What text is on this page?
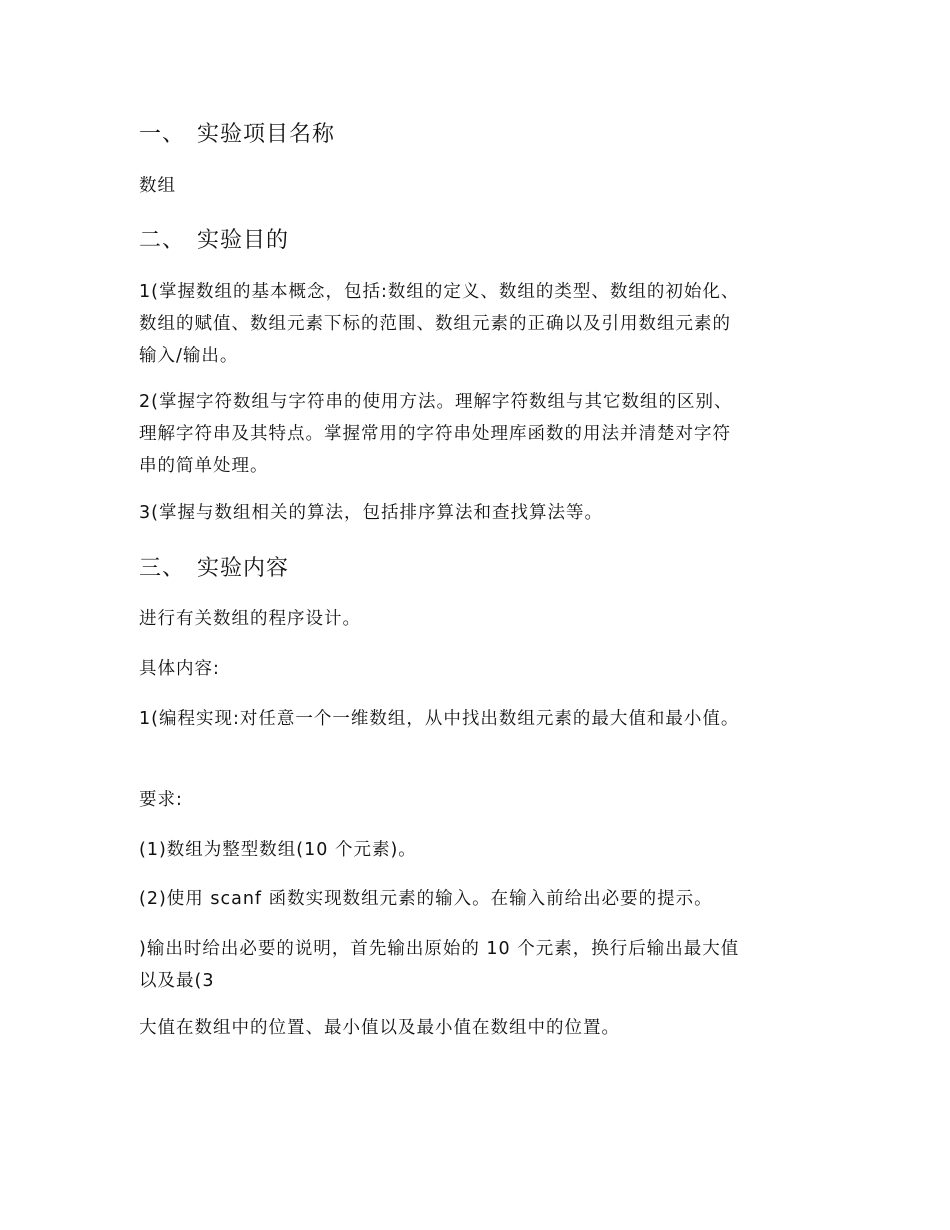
一、 实验项目名称

数组

二、 实验目的

1(掌握数组的基本概念，包括:数组的定义、数组的类型、数组的初始化、
数组的赋值、数组元素下标的范围、数组元素的正确以及引用数组元素的
输入/输出。

2(掌握字符数组与字符串的使用方法。理解字符数组与其它数组的区别、
理解字符串及其特点。掌握常用的字符串处理库函数的用法并清楚对字符
串的简单处理。

3(掌握与数组相关的算法，包括排序算法和查找算法等。

三、 实验内容

进行有关数组的程序设计。

具体内容:

1(编程实现:对任意一个一维数组，从中找出数组元素的最大值和最小值。

要求:

(1)数组为整型数组(10 个元素)。

(2)使用 scanf 函数实现数组元素的输入。在输入前给出必要的提示。

)输出时给出必要的说明，首先输出原始的 10 个元素，换行后输出最大值
以及最(3

大值在数组中的位置、最小值以及最小值在数组中的位置。
